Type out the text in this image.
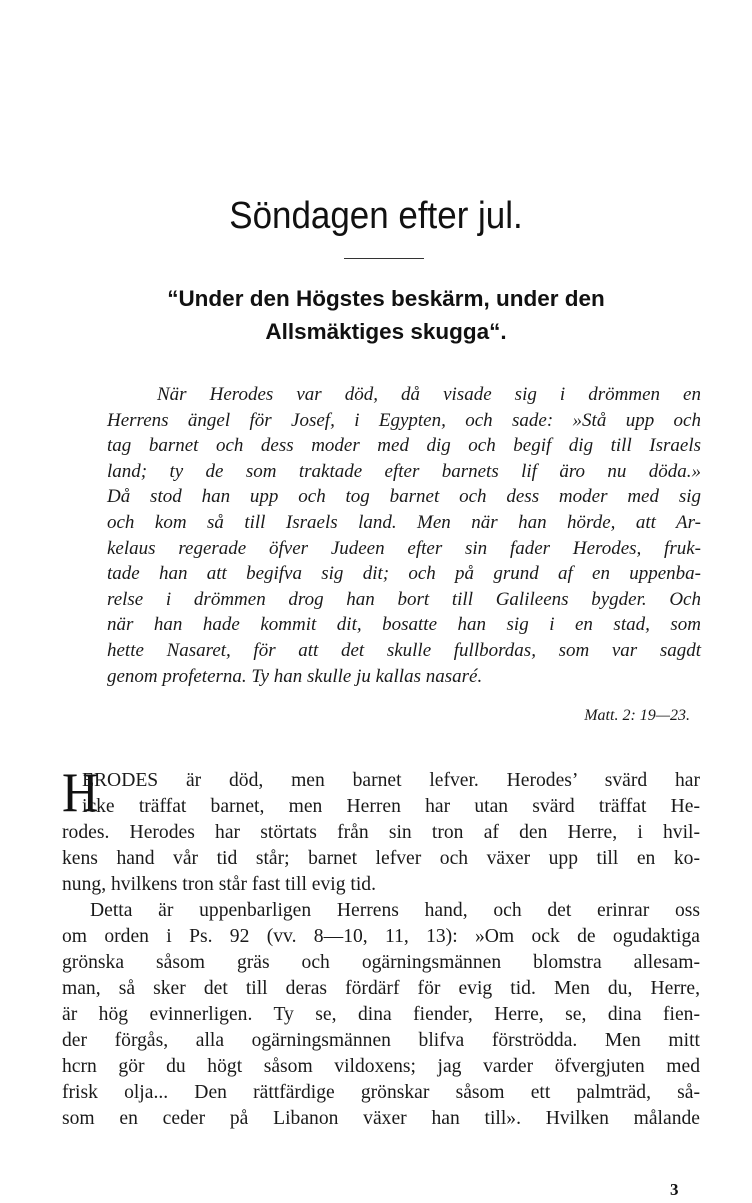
Söndagen efter jul.
“Under den Högstes beskärm, under den
Allsmäktiges skugga“.
När Herodes var död, då visade sig i drömmen en
Herrens ängel för Josef, i Egypten, och sade: »Stå upp och
tag barnet och dess moder med dig och begif dig till Israels
land; ty de som traktade efter barnets lif äro nu döda.»
Då stod han upp och tog barnet och dess moder med sig
och kom så till Israels land. Men när han hörde, att Ar-
kelaus regerade öfver Judeen efter sin fader Herodes, fruk-
tade han att begifva sig dit; och på grund af en uppenba-
relse i drömmen drog han bort till Galileens bygder. Och
när han hade kommit dit, bosatte han sig i en stad, som
hette Nasaret, för att det skulle fullbordas, som var sagdt
genom profeterna. Ty han skulle ju kallas nasaré.
Matt. 2: 19—23.
H
ERODES är död, men barnet lefver. Herodes’ svärd har
icke träffat barnet, men Herren har utan svärd träffat He-
rodes. Herodes har störtats från sin tron af den Herre, i hvil-
kens hand vår tid står; barnet lefver och växer upp till en ko-
nung, hvilkens tron står fast till evig tid.
Detta är uppenbarligen Herrens hand, och det erinrar oss
om orden i Ps. 92 (vv. 8—10, 11, 13): »Om ock de ogudaktiga
grönska såsom gräs och ogärningsmännen blomstra allesam-
man, så sker det till deras fördärf för evig tid. Men du, Herre,
är hög evinnerligen. Ty se, dina fiender, Herre, se, dina fien-
der förgås, alla ogärningsmännen blifva förströdda. Men mitt
hcrn gör du högt såsom vildoxens; jag varder öfvergjuten med
frisk olja... Den rättfärdige grönskar såsom ett palmträd, så-
som en ceder på Libanon växer han till». Hvilken målande
3
